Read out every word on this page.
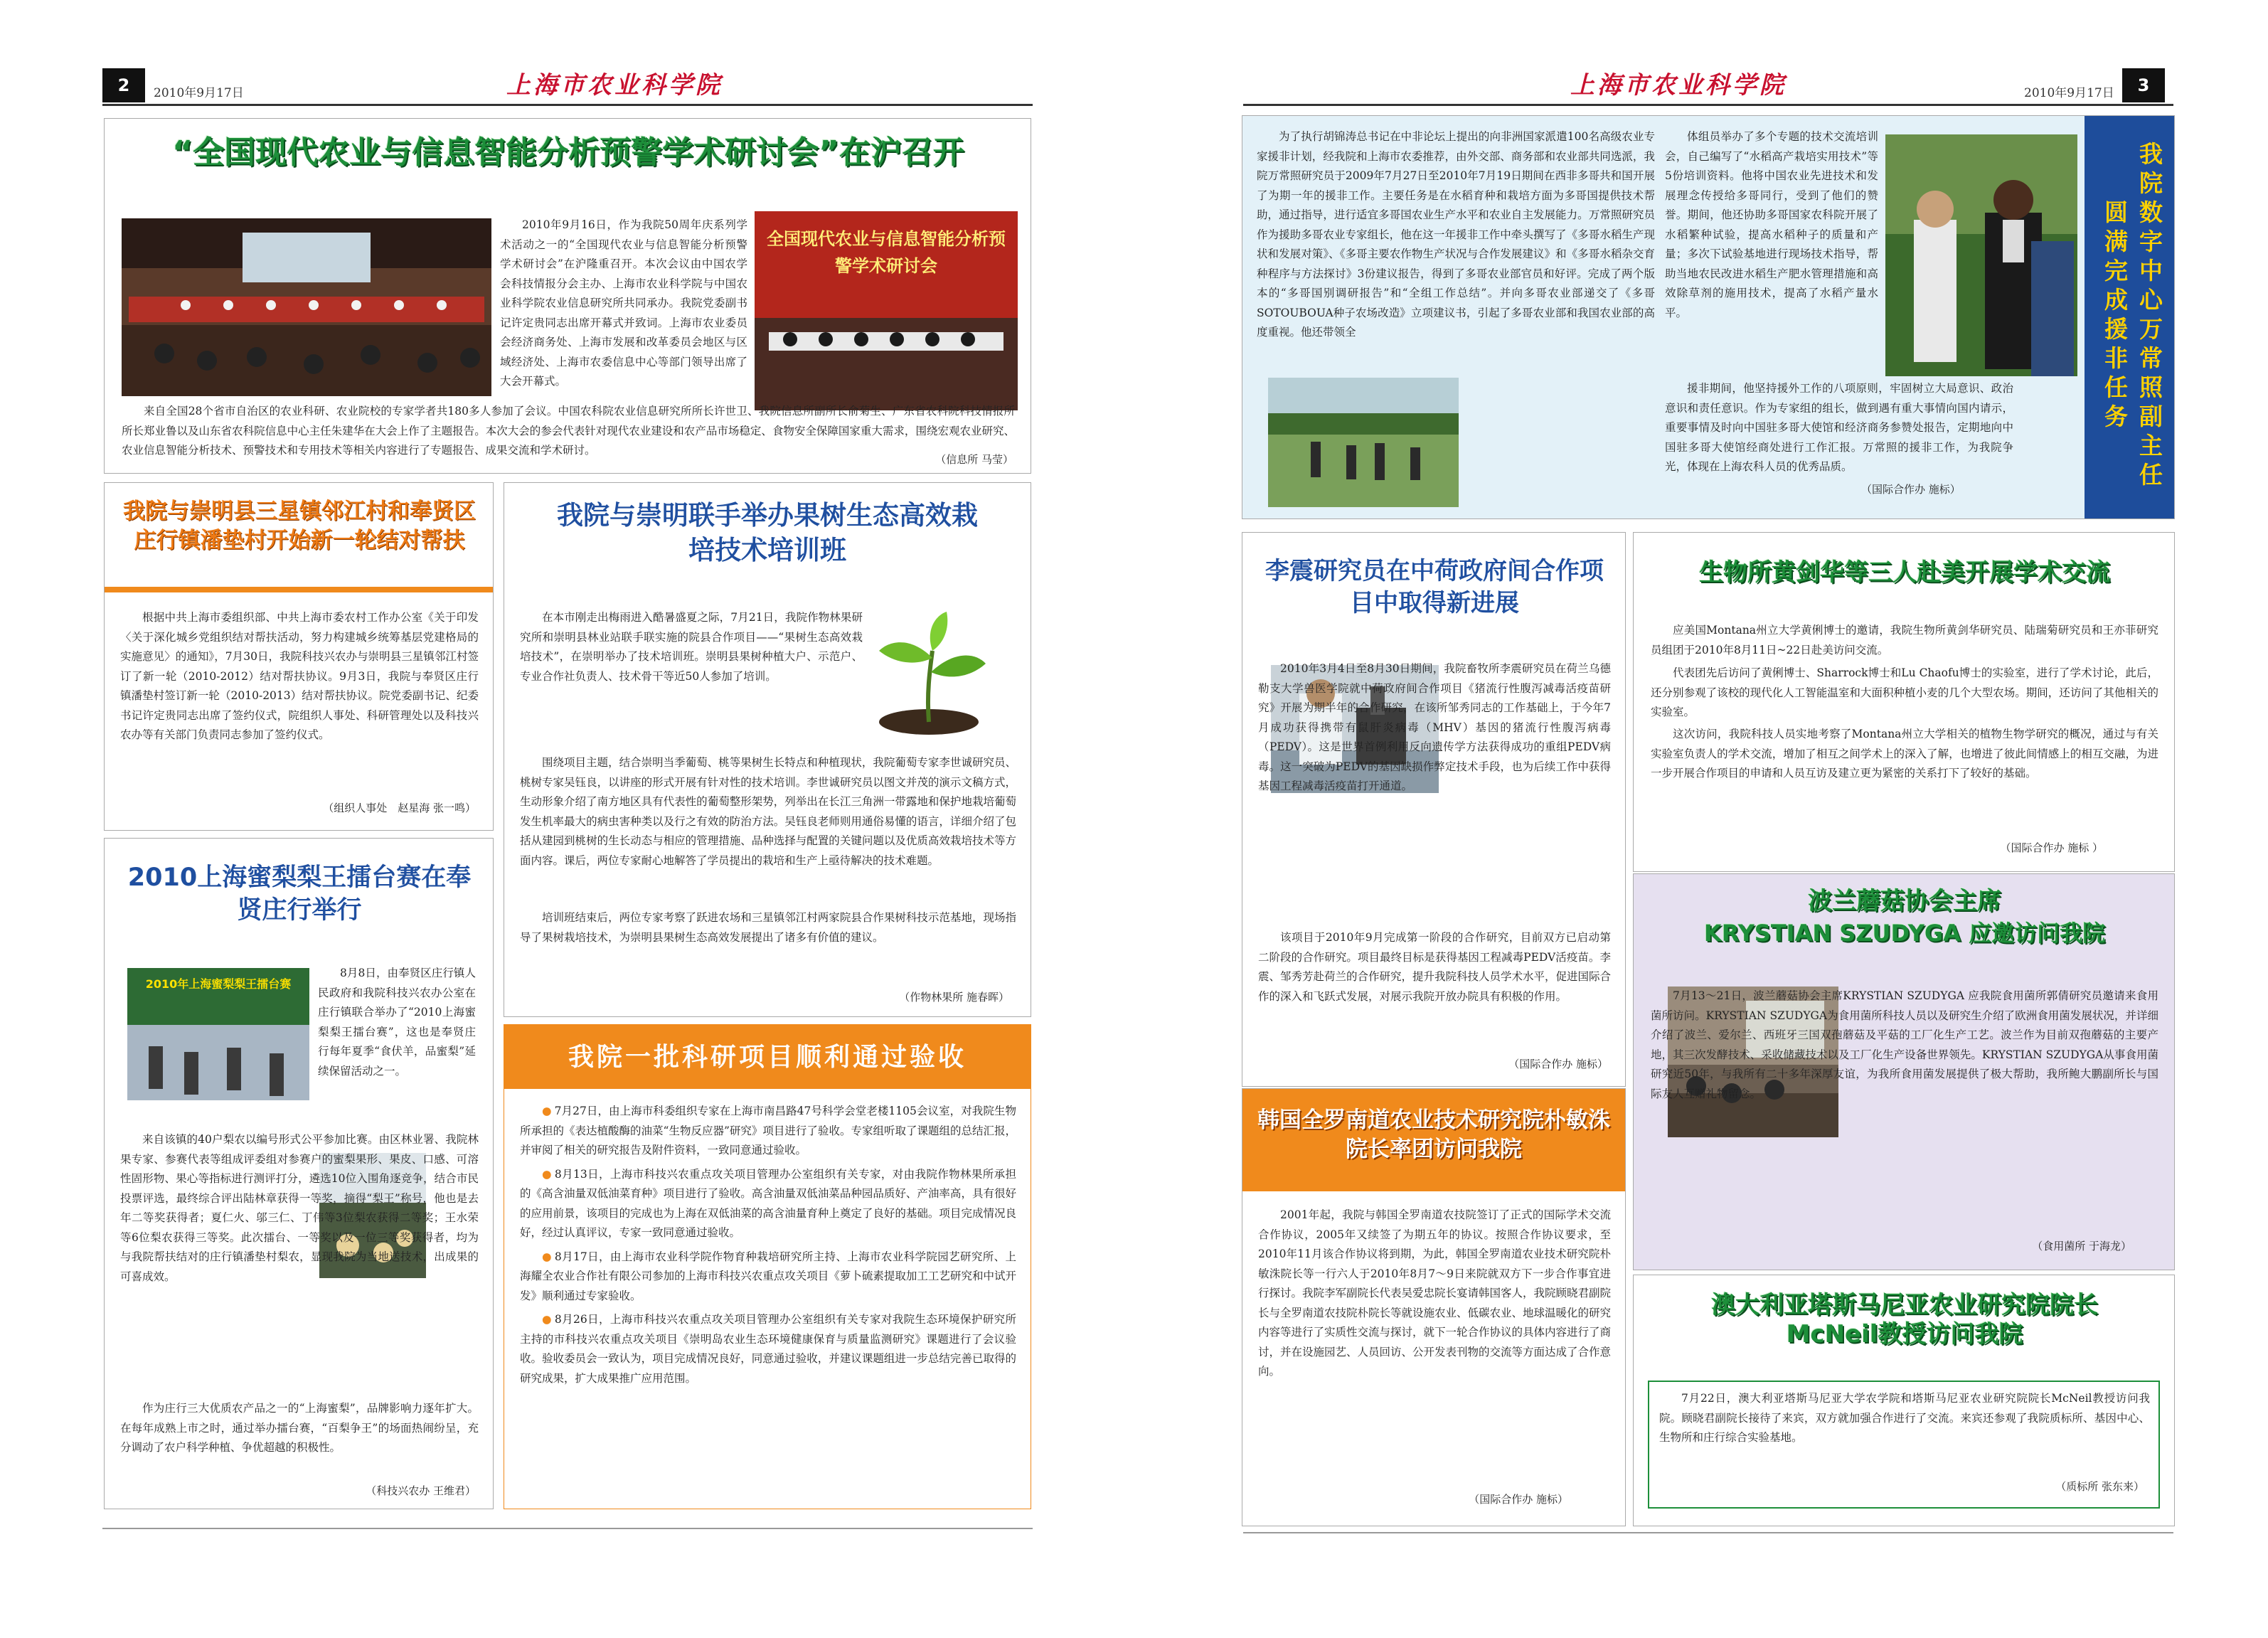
2	2010年9月17日	上海市农业科学院	上海市农业科学院	2010年9月17日	3
“全国现代农业与信息智能分析预警学术研讨会”在沪召开
全国现代农业与信息智能分析预警学术研讨会

2010年9月16日，作为我院50周年庆系列学术活动之一的“全国现代农业与信息智能分析预警学术研讨会”在沪隆重召开。本次会议由中国农学会科技情报分会主办、上海市农业科学院与中国农业科学院农业信息研究所共同承办。我院党委副书记许定贵同志出席开幕式并致词。上海市农业委员会经济商务处、上海市发展和改革委员会地区与区域经济处、上海市农委信息中心等部门领导出席了大会开幕式。

来自全国28个省市自治区的农业科研、农业院校的专家学者共180多人参加了会议。中国农科院农业信息研究所所长许世卫、我院信息所副所长俞菊生、广东省农科院科技情报所所长郑业鲁以及山东省农科院信息中心主任朱建华在大会上作了主题报告。本次大会的参会代表针对现代农业建设和农产品市场稳定、食物安全保障国家重大需求，围绕宏观农业研究、农业信息智能分析技术、预警技术和专用技术等相关内容进行了专题报告、成果交流和学术研讨。

（信息所 马莹）
我院与崇明县三星镇邻江村和奉贤区庄行镇潘垫村开始新一轮结对帮扶

根据中共上海市委组织部、中共上海市委农村工作办公室《关于印发〈关于深化城乡党组织结对帮扶活动，努力构建城乡统筹基层党建格局的实施意见〉的通知》，7月30日，我院科技兴农办与崇明县三星镇邻江村签订了新一轮（2010-2012）结对帮扶协议。9月3日，我院与奉贤区庄行镇潘垫村签订新一轮（2010-2013）结对帮扶协议。院党委副书记、纪委书记许定贵同志出席了签约仪式，院组织人事处、科研管理处以及科技兴农办等有关部门负责同志参加了签约仪式。

（组织人事处　赵星海 张一鸣）
2010上海蜜梨梨王擂台赛在奉贤庄行举行
2010年上海蜜梨梨王擂台赛

8月8日，由奉贤区庄行镇人民政府和我院科技兴农办公室在庄行镇联合举办了“2010上海蜜梨梨王擂台赛”，这也是奉贤庄行每年夏季“食伏羊，品蜜梨”延续保留活动之一。

来自该镇的40户梨农以编号形式公平参加比赛。由区林业署、我院林果专家、参赛代表等组成评委组对参赛户的蜜梨果形、果皮、口感、可溶性固形物、果心等指标进行测评打分，遴选10位入围角逐竞争，结合市民投票评选，最终综合评出陆林章获得一等奖，摘得“梨王”称号，他也是去年二等奖获得者；夏仁火、邬三仁、丁伟等3位梨农获得二等奖；王水荣等6位梨农获得三等奖。此次擂台、一等奖以及一位三等奖获得者，均为与我院帮扶结对的庄行镇潘垫村梨农，显现我院为当地送技术，出成果的可喜成效。

作为庄行三大优质农产品之一的“上海蜜梨”，品牌影响力逐年扩大。在每年成熟上市之时，通过举办擂台赛，“百梨争王”的场面热闹纷呈，充分调动了农户科学种植、争优超越的积极性。

（科技兴农办 王维君）
我院与崇明联手举办果树生态高效栽培技术培训班

在本市刚走出梅雨进入酷暑盛夏之际，7月21日，我院作物林果研究所和崇明县林业站联手联实施的院县合作项目——“果树生态高效栽培技术”，在崇明举办了技术培训班。崇明县果树种植大户、示范户、专业合作社负责人、技术骨干等近50人参加了培训。

围绕项目主题，结合崇明当季葡萄、桃等果树生长特点和种植现状，我院葡萄专家李世诚研究员、桃树专家吴钰良，以讲座的形式开展有针对性的技术培训。李世诚研究员以图文并茂的演示文稿方式，生动形象介绍了南方地区具有代表性的葡萄整形架势，列举出在长江三角洲一带露地和保护地栽培葡萄发生机率最大的病虫害种类以及行之有效的防治方法。吴钰良老师则用通俗易懂的语言，详细介绍了包括从建园到桃树的生长动态与相应的管理措施、品种选择与配置的关键问题以及优质高效栽培技术等方面内容。课后，两位专家耐心地解答了学员提出的栽培和生产上亟待解决的技术难题。

培训班结束后，两位专家考察了跃进农场和三星镇邻江村两家院县合作果树科技示范基地，现场指导了果树栽培技术，为崇明县果树生态高效发展提出了诸多有价值的建议。

（作物林果所 施春晖）
我院一批科研项目顺利通过验收

● 7月27日，由上海市科委组织专家在上海市南昌路47号科学会堂老楼1105会议室，对我院生物所承担的《表达植酸酶的油菜“生物反应器”研究》项目进行了验收。专家组听取了课题组的总结汇报，并审阅了相关的研究报告及附件资料，一致同意通过验收。

● 8月13日，上海市科技兴农重点攻关项目管理办公室组织有关专家，对由我院作物林果所承担的《高含油量双低油菜育种》项目进行了验收。高含油量双低油菜品种园品质好、产油率高，具有很好的应用前景，该项目的完成也为上海在双低油菜的高含油量育种上奠定了良好的基础。项目完成情况良好，经过认真评议，专家一致同意通过验收。

● 8月17日，由上海市农业科学院作物育种栽培研究所主持、上海市农业科学院园艺研究所、上海耀全农业合作社有限公司参加的上海市科技兴农重点攻关项目《萝卜硫素提取加工工艺研究和中试开发》顺利通过专家验收。

● 8月26日，上海市科技兴农重点攻关项目管理办公室组织有关专家对我院生态环境保护研究所主持的市科技兴农重点攻关项目《崇明岛农业生态环境健康保育与质量监测研究》课题进行了会议验收。验收委员会一致认为，项目完成情况良好，同意通过验收，并建议课题组进一步总结完善已取得的研究成果，扩大成果推广应用范围。

为了执行胡锦涛总书记在中非论坛上提出的向非洲国家派遣100名高级农业专家援非计划，经我院和上海市农委推荐，由外交部、商务部和农业部共同选派，我院万常照研究员于2009年7月27日至2010年7月19日期间在西非多哥共和国开展了为期一年的援非工作。主要任务是在水稻育种和栽培方面为多哥国提供技术帮助，通过指导，进行适宜多哥国农业生产水平和农业自主发展能力。万常照研究员作为援助多哥农业专家组长，他在这一年援非工作中牵头撰写了《多哥水稻生产现状和发展对策》、《多哥主要农作物生产状况与合作发展建议》和《多哥水稻杂交育种程序与方法探讨》3份建议报告，得到了多哥农业部官员和好评。完成了两个版本的“多哥国别调研报告”和“全组工作总结”。并向多哥农业部递交了《多哥SOTOUBOUA种子农场改造》立项建议书，引起了多哥农业部和我国农业部的高度重视。他还带领全

体组员举办了多个专题的技术交流培训会，自己编写了“水稻高产栽培实用技术”等5份培训资料。他将中国农业先进技术和发展理念传授给多哥同行，受到了他们的赞誉。期间，他还协助多哥国家农科院开展了水稻繁种试验，提高水稻种子的质量和产量；多次下试验基地进行现场技术指导，帮助当地农民改进水稻生产肥水管理措施和高效除草剂的施用技术，提高了水稻产量水平。

援非期间，他坚持援外工作的八项原则，牢固树立大局意识、政治意识和责任意识。作为专家组的组长，做到遇有重大事情向国内请示，重要事情及时向中国驻多哥大使馆和经济商务参赞处报告，定期地向中国驻多哥大使馆经商处进行工作汇报。万常照的援非工作，为我院争光，体现在上海农科人员的优秀品质。

（国际合作办 施标）	我院数字中心万常照副主任圆满完成援非任务
李震研究员在中荷政府间合作项目中取得新进展

2010年3月4日至8月30日期间，我院畜牧所李震研究员在荷兰乌德勒支大学兽医学院就中荷政府间合作项目《猪流行性腹泻减毒活疫苗研究》开展为期半年的合作研究，在该所邹秀同志的工作基础上，于今年7月成功获得携带有鼠肝炎病毒（MHV）基因的猪流行性腹泻病毒（PEDV）。这是世界首例利用反向遗传学方法获得成功的重组PEDV病毒。这一突破为PEDV的基因缺损作弊定技术手段，也为后续工作中获得基因工程减毒活疫苗打开通道。

该项目于2010年9月完成第一阶段的合作研究，目前双方已启动第二阶段的合作研究。项目最终目标是获得基因工程减毒PEDV活疫苗。李震、邹秀芳赴荷兰的合作研究，提升我院科技人员学术水平，促进国际合作的深入和飞跃式发展，对展示我院开放办院具有积极的作用。

（国际合作办 施标）
韩国全罗南道农业技术研究院朴敏洙院长率团访问我院

2001年起，我院与韩国全罗南道农技院签订了正式的国际学术交流合作协议，2005年又续签了为期五年的协议。按照合作协议要求，至2010年11月该合作协议将到期，为此，韩国全罗南道农业技术研究院朴敏洙院长等一行六人于2010年8月7～9日来院就双方下一步合作事宜进行探讨。我院李军副院长代表吴爱忠院长宴请韩国客人，我院顾晓君副院长与全罗南道农技院朴院长等就设施农业、低碳农业、地球温暖化的研究内容等进行了实质性交流与探讨，就下一轮合作协议的具体内容进行了商讨，并在设施园艺、人员回访、公开发表刊物的交流等方面达成了合作意向。

（国际合作办 施标）
生物所黄剑华等三人赴美开展学术交流

应美国Montana州立大学黄俐博士的邀请，我院生物所黄剑华研究员、陆瑞菊研究员和王亦菲研究员组团于2010年8月11日~22日赴美访问交流。

代表团先后访问了黄俐博士、Sharrock博士和Lu Chaofu博士的实验室，进行了学术讨论，此后，还分别参观了该校的现代化人工智能温室和大面积种植小麦的几个大型农场。期间，还访问了其他相关的实验室。

这次访问，我院科技人员实地考察了Montana州立大学相关的植物生物学研究的概况，通过与有关实验室负责人的学术交流，增加了相互之间学术上的深入了解，也增进了彼此间情感上的相互交融，为进一步开展合作项目的申请和人员互访及建立更为紧密的关系打下了较好的基础。

（国际合作办 施标 ）
波兰蘑菇协会主席
KRYSTIAN SZUDYGA 应邀访问我院

7月13～21日，波兰蘑菇协会主席KRYSTIAN SZUDYGA 应我院食用菌所郭倩研究员邀请来食用菌所访问。KRYSTIAN SZUDYGA为食用菌所科技人员以及研究生介绍了欧洲食用菌发展状况，并详细介绍了波兰、爱尔兰、西班牙三国双孢蘑菇及平菇的工厂化生产工艺。波兰作为目前双孢蘑菇的主要产地，其三次发酵技术、采收储藏技术以及工厂化生产设备世界领先。KRYSTIAN SZUDYGA从事食用菌研究近50年，与我所有二十多年深厚友谊，为我所食用菌发展提供了极大帮助，我所鲍大鹏副所长与国际友人互赠礼物留念。

（食用菌所 于海龙）
澳大利亚塔斯马尼亚农业研究院院长McNeil教授访问我院

7月22日，澳大利亚塔斯马尼亚大学农学院和塔斯马尼亚农业研究院院长McNeil教授访问我院。顾晓君副院长接待了来宾，双方就加强合作进行了交流。来宾还参观了我院质标所、基因中心、生物所和庄行综合实验基地。

（质标所 张东来）
